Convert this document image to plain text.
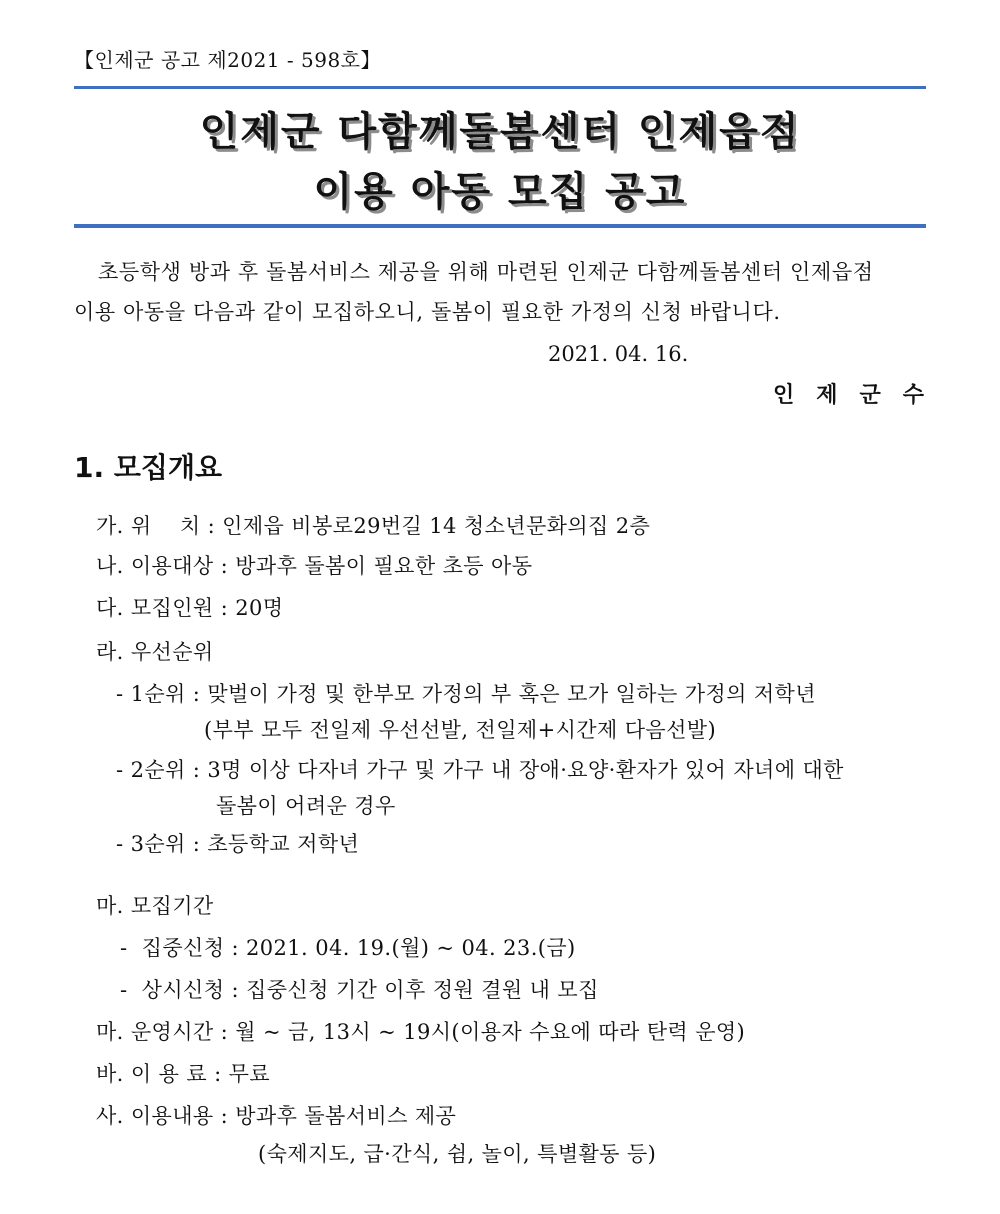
【인제군 공고 제2021 - 598호】
인제군 다함께돌봄센터 인제읍점
이용 아동 모집 공고
초등학생 방과 후 돌봄서비스 제공을 위해 마련된 인제군 다함께돌봄센터 인제읍점
이용 아동을 다음과 같이 모집하오니, 돌봄이 필요한 가정의 신청 바랍니다.
2021. 04. 16.
인제군수
1. 모집개요
가. 위    치 : 인제읍 비봉로29번길 14 청소년문화의집 2층
나. 이용대상 : 방과후 돌봄이 필요한 초등 아동
다. 모집인원 : 20명
라. 우선순위
- 1순위 : 맞벌이 가정 및 한부모 가정의 부 혹은 모가 일하는 가정의 저학년
(부부 모두 전일제 우선선발, 전일제+시간제 다음선발)
- 2순위 : 3명 이상 다자녀 가구 및 가구 내 장애·요양·환자가 있어 자녀에 대한
돌봄이 어려운 경우
- 3순위 : 초등학교 저학년
마. 모집기간
-  집중신청 : 2021. 04. 19.(월) ~ 04. 23.(금)
-  상시신청 : 집중신청 기간 이후 정원 결원 내 모집
마. 운영시간 : 월 ~ 금, 13시 ~ 19시(이용자 수요에 따라 탄력 운영)
바. 이 용 료 : 무료
사. 이용내용 : 방과후 돌봄서비스 제공
(숙제지도, 급·간식, 쉼, 놀이, 특별활동 등)
